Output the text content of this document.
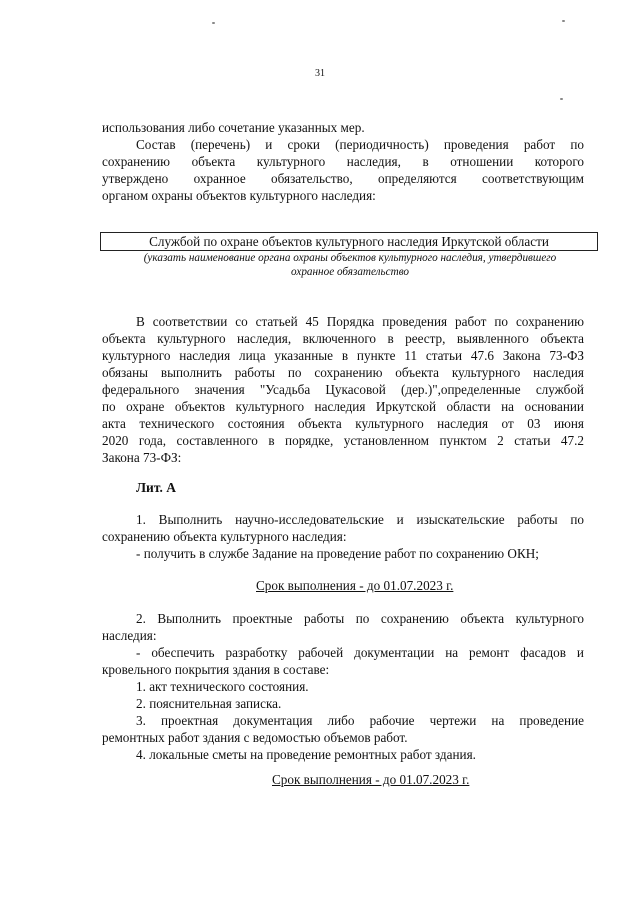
31
использования либо сочетание указанных мер.
Состав (перечень) и сроки (периодичность) проведения работ по
сохранению объекта культурного наследия, в отношении которого
утверждено охранное обязательство, определяются соответствующим
органом охраны объектов культурного наследия:
Службой по охране объектов культурного наследия Иркутской области
(указать наименование органа охраны объектов культурного наследия, утвердившего
охранное обязательство
В соответствии со статьей 45 Порядка проведения работ по сохранению
объекта культурного наследия, включенного в реестр, выявленного объекта
культурного наследия лица указанные в пункте 11 статьи 47.6 Закона 73-ФЗ
обязаны выполнить работы по сохранению объекта культурного наследия
федерального значения "Усадьба Цукасовой (дер.)",определенные службой
по охране объектов культурного наследия Иркутской области на основании
акта технического состояния объекта культурного наследия от 03 июня
2020 года, составленного в порядке, установленном пунктом 2 статьи 47.2
Закона 73-ФЗ:
Лит. А
1. Выполнить научно-исследовательские и изыскательские работы по
сохранению объекта культурного наследия:
- получить в службе Задание на проведение работ по сохранению ОКН;
Срок выполнения - до 01.07.2023 г.
2. Выполнить проектные работы по сохранению объекта культурного
наследия:
- обеспечить разработку рабочей документации на ремонт фасадов и
кровельного покрытия здания в составе:
1. акт технического состояния.
2. пояснительная записка.
3. проектная документация либо рабочие чертежи на проведение
ремонтных работ здания с ведомостью объемов работ.
4. локальные сметы на проведение ремонтных работ здания.
Срок выполнения - до 01.07.2023 г.
